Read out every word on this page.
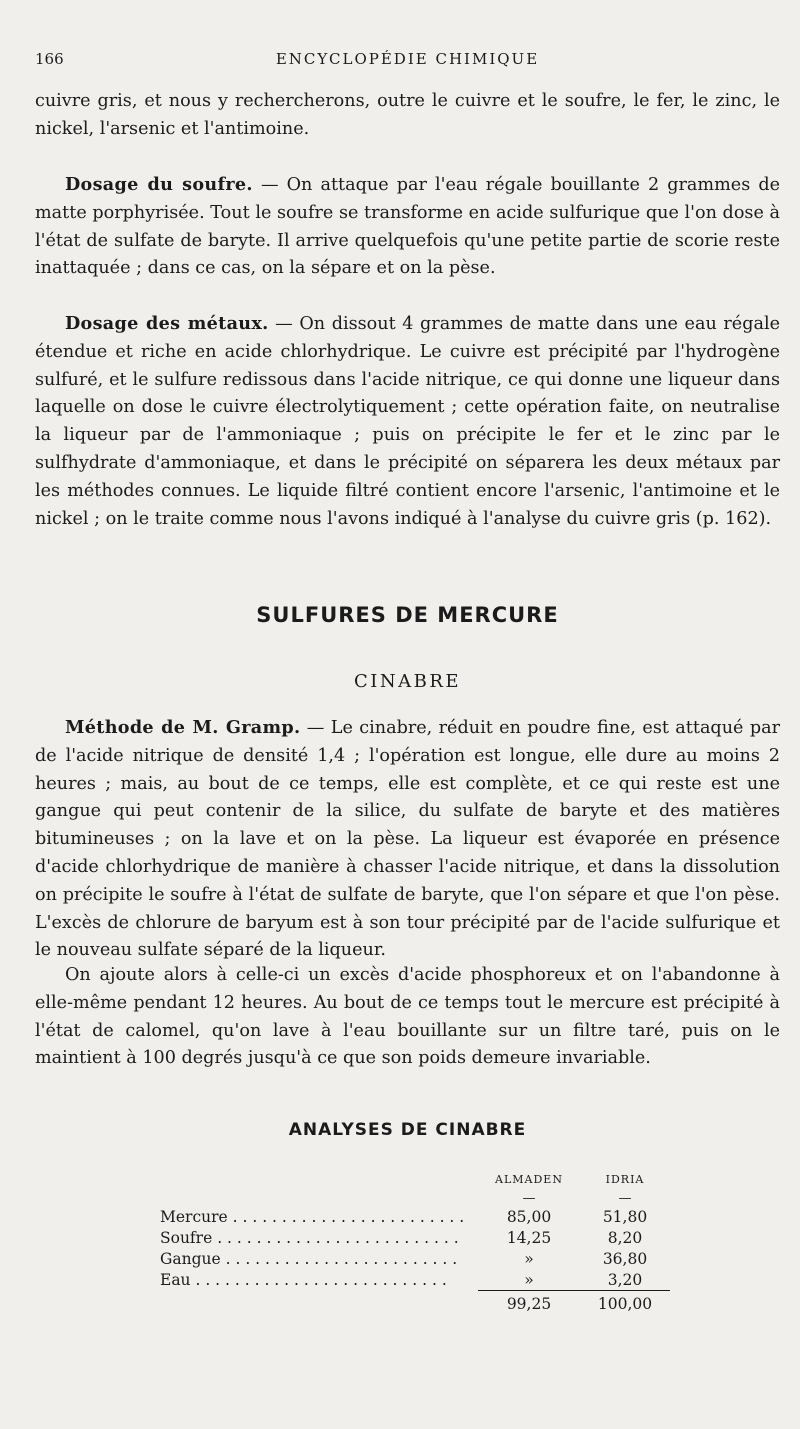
166	ENCYCLOPÉDIE CHIMIQUE

cuivre gris, et nous y rechercherons, outre le cuivre et le soufre, le fer, le zinc, le nickel, l'arsenic et l'antimoine.

Dosage du soufre. — On attaque par l'eau régale bouillante 2 grammes de matte porphyrisée. Tout le soufre se transforme en acide sulfurique que l'on dose à l'état de sulfate de baryte. Il arrive quelquefois qu'une petite partie de scorie reste inattaquée ; dans ce cas, on la sépare et on la pèse.

Dosage des métaux. — On dissout 4 grammes de matte dans une eau régale étendue et riche en acide chlorhydrique. Le cuivre est précipité par l'hydrogène sulfuré, et le sulfure redissous dans l'acide nitrique, ce qui donne une liqueur dans laquelle on dose le cuivre électrolytiquement ; cette opération faite, on neutralise la liqueur par de l'ammoniaque ; puis on précipite le fer et le zinc par le sulfhydrate d'ammoniaque, et dans le précipité on séparera les deux métaux par les méthodes connues. Le liquide filtré contient encore l'arsenic, l'antimoine et le nickel ; on le traite comme nous l'avons indiqué à l'analyse du cuivre gris (p. 162).

SULFURES DE MERCURE
CINABRE

Méthode de M. Gramp. — Le cinabre, réduit en poudre fine, est attaqué par de l'acide nitrique de densité 1,4 ; l'opération est longue, elle dure au moins 2 heures ; mais, au bout de ce temps, elle est complète, et ce qui reste est une gangue qui peut contenir de la silice, du sulfate de baryte et des matières bitumineuses ; on la lave et on la pèse. La liqueur est évaporée en présence d'acide chlorhydrique de manière à chasser l'acide nitrique, et dans la dissolution on précipite le soufre à l'état de sulfate de baryte, que l'on sépare et que l'on pèse. L'excès de chlorure de baryum est à son tour précipité par de l'acide sulfurique et le nouveau sulfate séparé de la liqueur.

On ajoute alors à celle-ci un excès d'acide phosphoreux et on l'abandonne à elle-même pendant 12 heures. Au bout de ce temps tout le mercure est précipité à l'état de calomel, qu'on lave à l'eau bouillante sur un filtre taré, puis on le maintient à 100 degrés jusqu'à ce que son poids demeure invariable.

ANALYSES DE CINABRE
	ALMADEN	IDRIA
	—	—
Mercure . . . . . . . . . . . . . . . . . . . . . . . .	85,00	51,80
Soufre . . . . . . . . . . . . . . . . . . . . . . . . .	14,25	8,20
Gangue . . . . . . . . . . . . . . . . . . . . . . . .	»	36,80
Eau . . . . . . . . . . . . . . . . . . . . . . . . . .	»	3,20
	99,25	100,00
